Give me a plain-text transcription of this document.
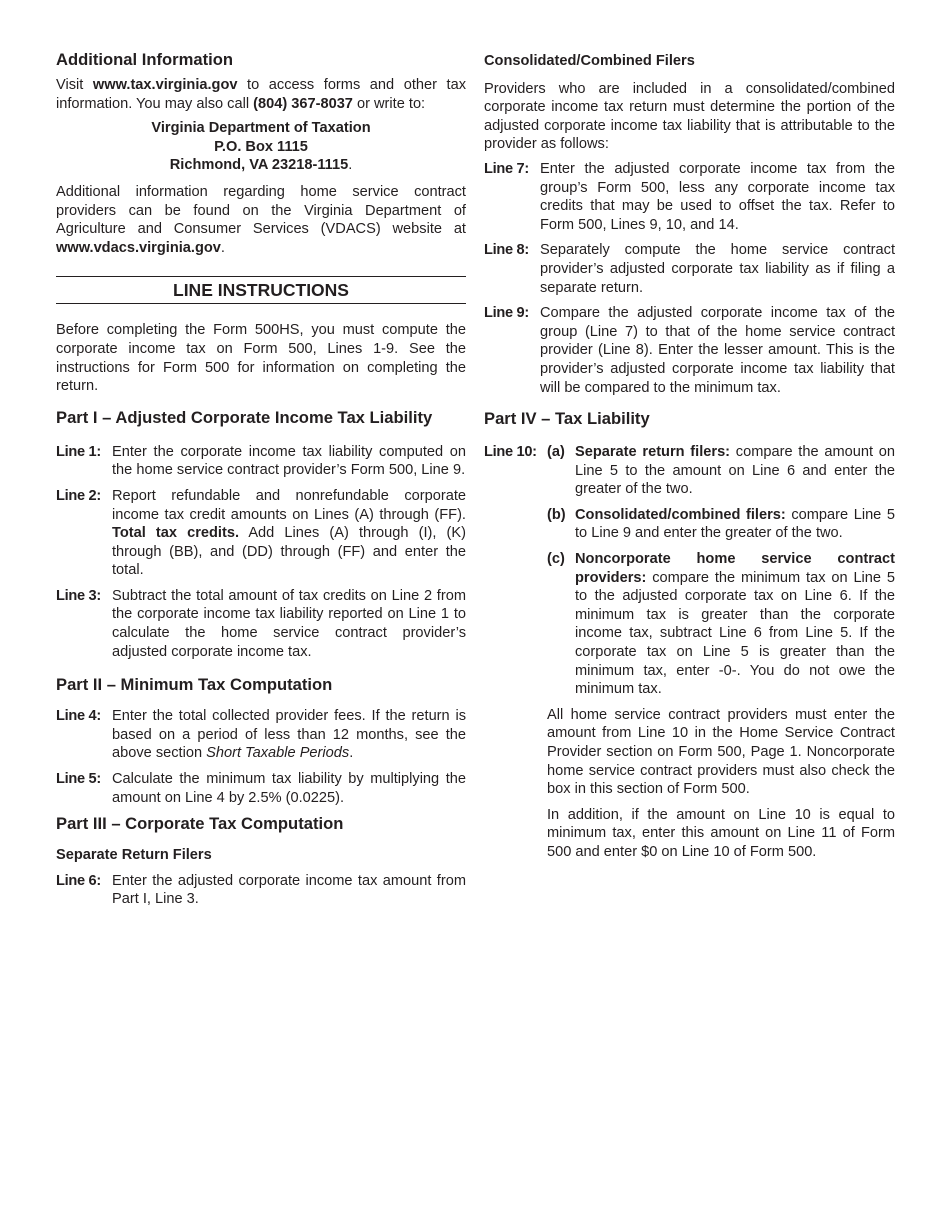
Additional Information

Visit www.tax.virginia.gov to access forms and other tax information. You may also call (804) 367-8037 or write to:

Virginia Department of Taxation
P.O. Box 1115
Richmond, VA 23218-1115.

Additional information regarding home service contract providers can be found on the Virginia Department of Agriculture and Consumer Services (VDACS) website at www.vdacs.virginia.gov.

LINE INSTRUCTIONS

Before completing the Form 500HS, you must compute the corporate income tax on Form 500, Lines 1-9. See the instructions for Form 500 for information on completing the return.

Part I – Adjusted Corporate Income Tax Liability
Line 1: Enter the corporate income tax liability computed on the home service contract provider’s Form 500, Line 9.
Line 2: Report refundable and nonrefundable corporate income tax credit amounts on Lines (A) through (FF). Total tax credits. Add Lines (A) through (I), (K) through (BB), and (DD) through (FF) and enter the total.
Line 3: Subtract the total amount of tax credits on Line 2 from the corporate income tax liability reported on Line 1 to calculate the home service contract provider’s adjusted corporate income tax.
Part II – Minimum Tax Computation
Line 4: Enter the total collected provider fees. If the return is based on a period of less than 12 months, see the above section Short Taxable Periods.
Line 5: Calculate the minimum tax liability by multiplying the amount on Line 4 by 2.5% (0.0225).
Part III – Corporate Tax Computation
Separate Return Filers
Line 6: Enter the adjusted corporate income tax amount from Part I, Line 3.
Consolidated/Combined Filers

Providers who are included in a consolidated/combined corporate income tax return must determine the portion of the adjusted corporate income tax liability that is attributable to the provider as follows:

Line 7: Enter the adjusted corporate income tax from the group’s Form 500, less any corporate income tax credits that may be used to offset the tax. Refer to Form 500, Lines 9, 10, and 14.
Line 8: Separately compute the home service contract provider’s adjusted corporate tax liability as if filing a separate return.
Line 9: Compare the adjusted corporate income tax of the group (Line 7) to that of the home service contract provider (Line 8). Enter the lesser amount. This is the provider’s adjusted corporate income tax liability that will be compared to the minimum tax.
Part IV – Tax Liability
Line 10: (a) Separate return filers: compare the amount on Line 5 to the amount on Line 6 and enter the greater of the two.
(b) Consolidated/combined filers: compare Line 5 to Line 9 and enter the greater of the two.
(c) Noncorporate home service contract providers: compare the minimum tax on Line 5 to the adjusted corporate tax on Line 6. If the minimum tax is greater than the corporate income tax, subtract Line 6 from Line 5. If the corporate tax on Line 5 is greater than the minimum tax, enter -0-. You do not owe the minimum tax.

All home service contract providers must enter the amount from Line 10 in the Home Service Contract Provider section on Form 500, Page 1. Noncorporate home service contract providers must also check the box in this section of Form 500.

In addition, if the amount on Line 10 is equal to minimum tax, enter this amount on Line 11 of Form 500 and enter $0 on Line 10 of Form 500.
